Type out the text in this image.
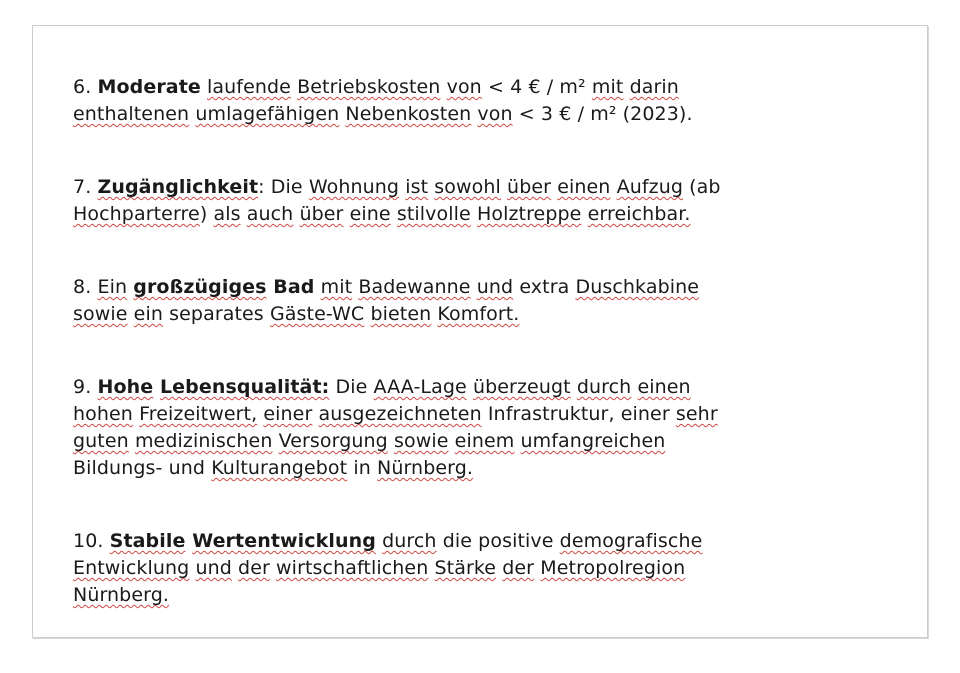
6. Moderate laufende Betriebskosten von < 4 € / m² mit darin
enthaltenen umlagefähigen Nebenkosten von < 3 € / m² (2023).
7. Zugänglichkeit: Die Wohnung ist sowohl über einen Aufzug (ab
Hochparterre) als auch über eine stilvolle Holztreppe erreichbar.
8. Ein großzügiges Bad mit Badewanne und extra Duschkabine
sowie ein separates Gäste-WC bieten Komfort.
9. Hohe Lebensqualität: Die AAA-Lage überzeugt durch einen
hohen Freizeitwert, einer ausgezeichneten Infrastruktur, einer sehr
guten medizinischen Versorgung sowie einem umfangreichen
Bildungs- und Kulturangebot in Nürnberg.
10. Stabile Wertentwicklung durch die positive demografische
Entwicklung und der wirtschaftlichen Stärke der Metropolregion
Nürnberg.
